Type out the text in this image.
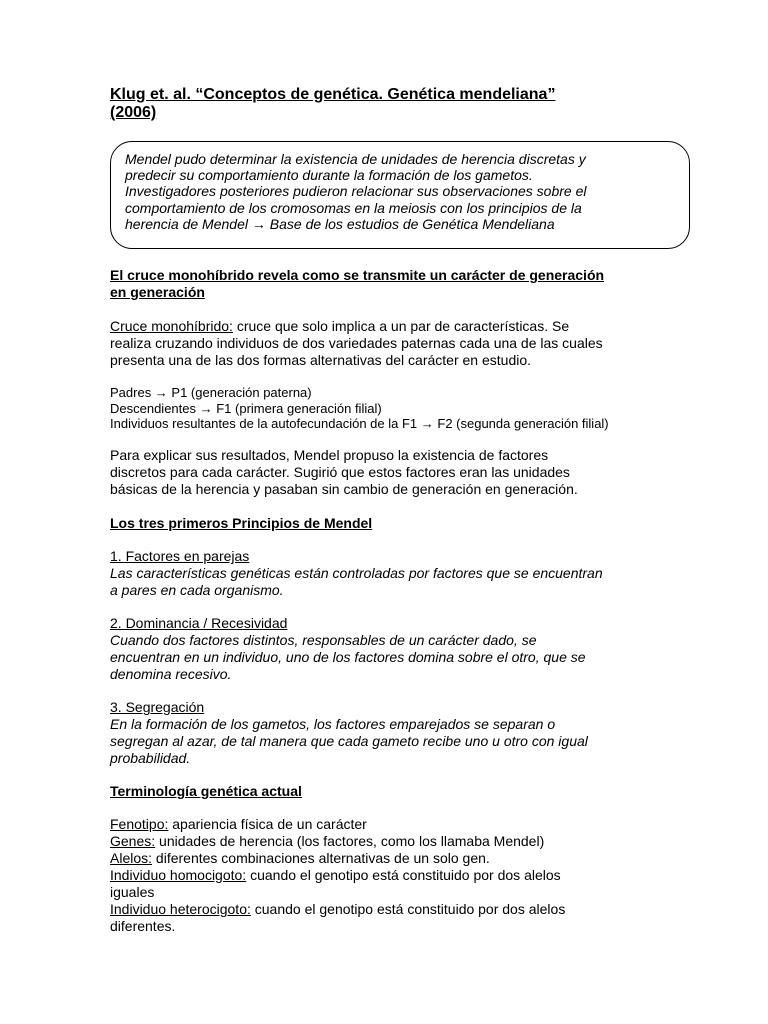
Klug et. al. “Conceptos de genética. Genética mendeliana”
(2006)
Mendel pudo determinar la existencia de unidades de herencia discretas y
predecir su comportamiento durante la formación de los gametos.
Investigadores posteriores pudieron relacionar sus observaciones sobre el
comportamiento de los cromosomas en la meiosis con los principios de la
herencia de Mendel → Base de los estudios de Genética Mendeliana
El cruce monohíbrido revela como se transmite un carácter de generación
en generación
Cruce monohíbrido: cruce que solo implica a un par de características. Se
realiza cruzando individuos de dos variedades paternas cada una de las cuales
presenta una de las dos formas alternativas del carácter en estudio.
Padres → P1 (generación paterna)
Descendientes → F1 (primera generación filial)
Individuos resultantes de la autofecundación de la F1 → F2 (segunda generación filial)
Para explicar sus resultados, Mendel propuso la existencia de factores
discretos para cada carácter. Sugirió que estos factores eran las unidades
básicas de la herencia y pasaban sin cambio de generación en generación.
Los tres primeros Principios de Mendel
1. Factores en parejas
Las características genéticas están controladas por factores que se encuentran
a pares en cada organismo.
2. Dominancia / Recesividad
Cuando dos factores distintos, responsables de un carácter dado, se
encuentran en un individuo, uno de los factores domina sobre el otro, que se
denomina recesivo.
3. Segregación
En la formación de los gametos, los factores emparejados se separan o
segregan al azar, de tal manera que cada gameto recibe uno u otro con igual
probabilidad.
Terminología genética actual
Fenotipo: apariencia física de un carácter
Genes: unidades de herencia (los factores, como los llamaba Mendel)
Alelos: diferentes combinaciones alternativas de un solo gen.
Individuo homocigoto: cuando el genotipo está constituido por dos alelos
iguales
Individuo heterocigoto: cuando el genotipo está constituido por dos alelos
diferentes.
